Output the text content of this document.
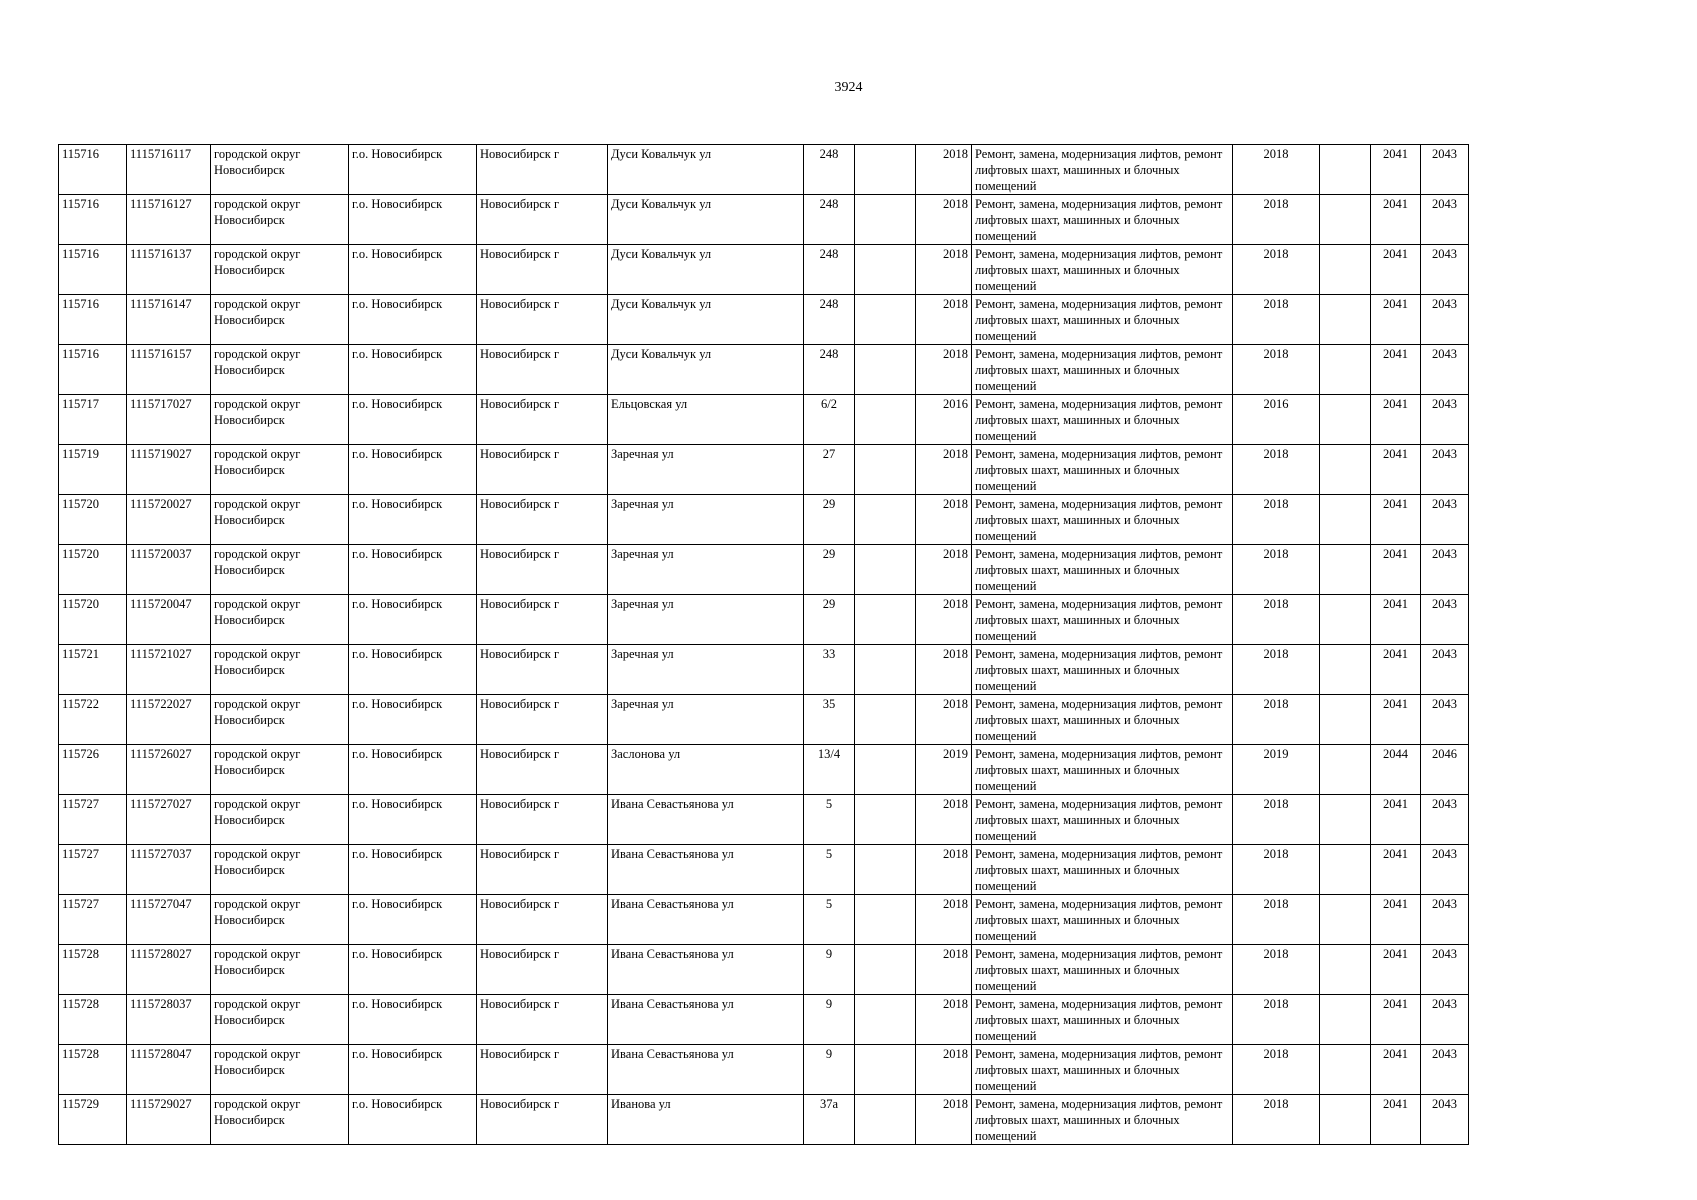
3924
115716	1115716117	городской округ Новосибирск	г.о. Новосибирск	Новосибирск г	Дуси Ковальчук ул	248		2018	Ремонт, замена, модернизация лифтов, ремонт лифтовых шахт, машинных и блочных помещений	2018		2041	2043
115716	1115716127	городской округ Новосибирск	г.о. Новосибирск	Новосибирск г	Дуси Ковальчук ул	248		2018	Ремонт, замена, модернизация лифтов, ремонт лифтовых шахт, машинных и блочных помещений	2018		2041	2043
115716	1115716137	городской округ Новосибирск	г.о. Новосибирск	Новосибирск г	Дуси Ковальчук ул	248		2018	Ремонт, замена, модернизация лифтов, ремонт лифтовых шахт, машинных и блочных помещений	2018		2041	2043
115716	1115716147	городской округ Новосибирск	г.о. Новосибирск	Новосибирск г	Дуси Ковальчук ул	248		2018	Ремонт, замена, модернизация лифтов, ремонт лифтовых шахт, машинных и блочных помещений	2018		2041	2043
115716	1115716157	городской округ Новосибирск	г.о. Новосибирск	Новосибирск г	Дуси Ковальчук ул	248		2018	Ремонт, замена, модернизация лифтов, ремонт лифтовых шахт, машинных и блочных помещений	2018		2041	2043
115717	1115717027	городской округ Новосибирск	г.о. Новосибирск	Новосибирск г	Ельцовская ул	6/2		2016	Ремонт, замена, модернизация лифтов, ремонт лифтовых шахт, машинных и блочных помещений	2016		2041	2043
115719	1115719027	городской округ Новосибирск	г.о. Новосибирск	Новосибирск г	Заречная ул	27		2018	Ремонт, замена, модернизация лифтов, ремонт лифтовых шахт, машинных и блочных помещений	2018		2041	2043
115720	1115720027	городской округ Новосибирск	г.о. Новосибирск	Новосибирск г	Заречная ул	29		2018	Ремонт, замена, модернизация лифтов, ремонт лифтовых шахт, машинных и блочных помещений	2018		2041	2043
115720	1115720037	городской округ Новосибирск	г.о. Новосибирск	Новосибирск г	Заречная ул	29		2018	Ремонт, замена, модернизация лифтов, ремонт лифтовых шахт, машинных и блочных помещений	2018		2041	2043
115720	1115720047	городской округ Новосибирск	г.о. Новосибирск	Новосибирск г	Заречная ул	29		2018	Ремонт, замена, модернизация лифтов, ремонт лифтовых шахт, машинных и блочных помещений	2018		2041	2043
115721	1115721027	городской округ Новосибирск	г.о. Новосибирск	Новосибирск г	Заречная ул	33		2018	Ремонт, замена, модернизация лифтов, ремонт лифтовых шахт, машинных и блочных помещений	2018		2041	2043
115722	1115722027	городской округ Новосибирск	г.о. Новосибирск	Новосибирск г	Заречная ул	35		2018	Ремонт, замена, модернизация лифтов, ремонт лифтовых шахт, машинных и блочных помещений	2018		2041	2043
115726	1115726027	городской округ Новосибирск	г.о. Новосибирск	Новосибирск г	Заслонова ул	13/4		2019	Ремонт, замена, модернизация лифтов, ремонт лифтовых шахт, машинных и блочных помещений	2019		2044	2046
115727	1115727027	городской округ Новосибирск	г.о. Новосибирск	Новосибирск г	Ивана Севастьянова ул	5		2018	Ремонт, замена, модернизация лифтов, ремонт лифтовых шахт, машинных и блочных помещений	2018		2041	2043
115727	1115727037	городской округ Новосибирск	г.о. Новосибирск	Новосибирск г	Ивана Севастьянова ул	5		2018	Ремонт, замена, модернизация лифтов, ремонт лифтовых шахт, машинных и блочных помещений	2018		2041	2043
115727	1115727047	городской округ Новосибирск	г.о. Новосибирск	Новосибирск г	Ивана Севастьянова ул	5		2018	Ремонт, замена, модернизация лифтов, ремонт лифтовых шахт, машинных и блочных помещений	2018		2041	2043
115728	1115728027	городской округ Новосибирск	г.о. Новосибирск	Новосибирск г	Ивана Севастьянова ул	9		2018	Ремонт, замена, модернизация лифтов, ремонт лифтовых шахт, машинных и блочных помещений	2018		2041	2043
115728	1115728037	городской округ Новосибирск	г.о. Новосибирск	Новосибирск г	Ивана Севастьянова ул	9		2018	Ремонт, замена, модернизация лифтов, ремонт лифтовых шахт, машинных и блочных помещений	2018		2041	2043
115728	1115728047	городской округ Новосибирск	г.о. Новосибирск	Новосибирск г	Ивана Севастьянова ул	9		2018	Ремонт, замена, модернизация лифтов, ремонт лифтовых шахт, машинных и блочных помещений	2018		2041	2043
115729	1115729027	городской округ Новосибирск	г.о. Новосибирск	Новосибирск г	Иванова ул	37а		2018	Ремонт, замена, модернизация лифтов, ремонт лифтовых шахт, машинных и блочных помещений	2018		2041	2043
